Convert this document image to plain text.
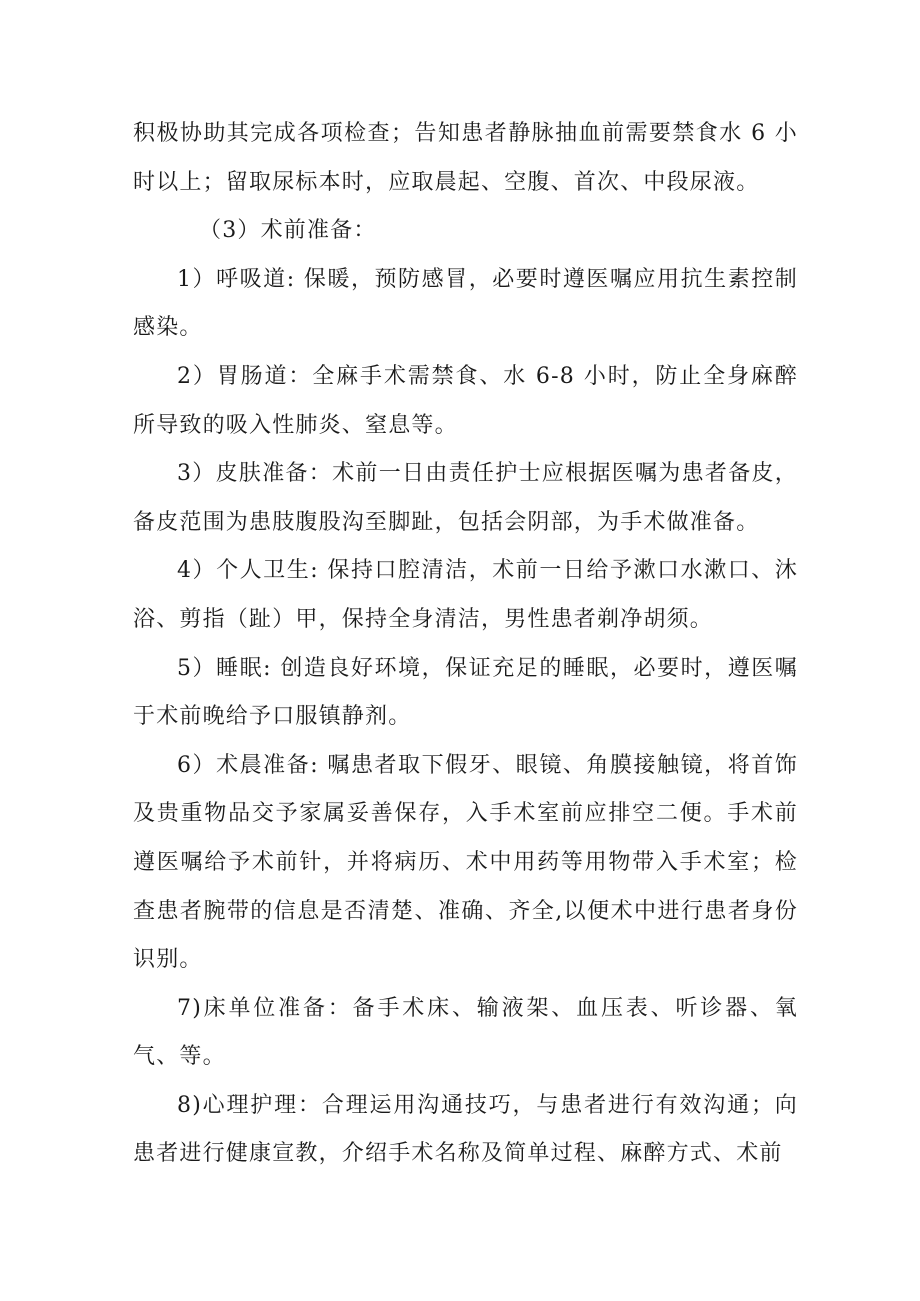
积极协助其完成各项检查；告知患者静脉抽血前需要禁食水 6 小时以上；留取尿标本时，应取晨起、空腹、首次、中段尿液。

（3）术前准备：

1）呼吸道: 保暖，预防感冒，必要时遵医嘱应用抗生素控制感染。

2）胃肠道：全麻手术需禁食、水 6-8 小时，防止全身麻醉所导致的吸入性肺炎、窒息等。

3）皮肤准备：术前一日由责任护士应根据医嘱为患者备皮，备皮范围为患肢腹股沟至脚趾，包括会阴部，为手术做准备。

4）个人卫生: 保持口腔清洁，术前一日给予漱口水漱口、沐浴、剪指（趾）甲，保持全身清洁，男性患者剃净胡须。

5）睡眠: 创造良好环境，保证充足的睡眠，必要时，遵医嘱于术前晚给予口服镇静剂。

6）术晨准备: 嘱患者取下假牙、眼镜、角膜接触镜，将首饰及贵重物品交予家属妥善保存，入手术室前应排空二便。手术前遵医嘱给予术前针，并将病历、术中用药等用物带入手术室；检查患者腕带的信息是否清楚、准确、齐全,以便术中进行患者身份识别。

7)床单位准备：备手术床、输液架、血压表、听诊器、氧气、等。

8)心理护理：合理运用沟通技巧，与患者进行有效沟通；向患者进行健康宣教，介绍手术名称及简单过程、麻醉方式、术前
